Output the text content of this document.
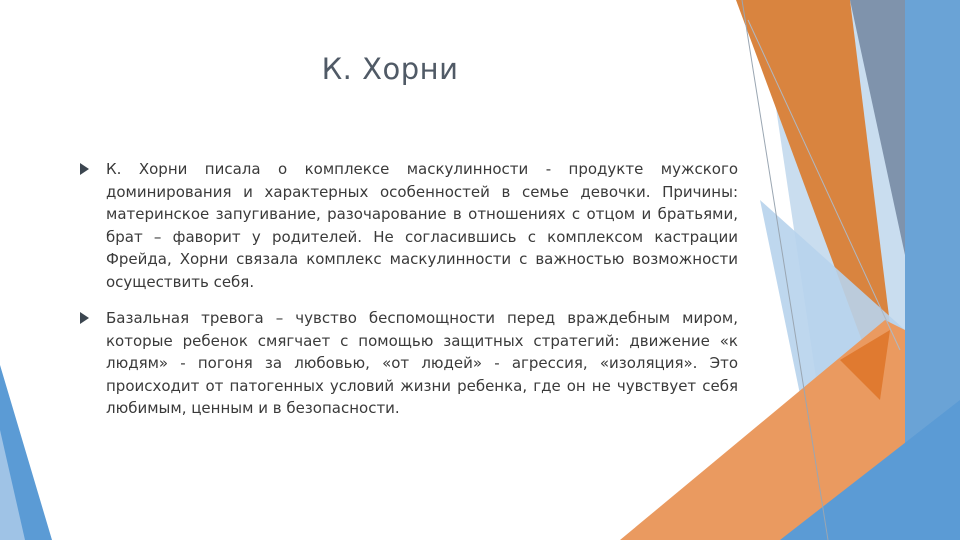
К. Хорни
К. Хорни писала о комплексе маскулинности - продукте мужского доминирования и характерных особенностей в семье девочки. Причины: материнское запугивание, разочарование в отношениях с отцом и братьями, брат – фаворит у родителей. Не согласившись с комплексом кастрации Фрейда, Хорни связала комплекс маскулинности с важностью возможности осуществить себя.
Базальная тревога – чувство беспомощности перед враждебным миром, которые ребенок смягчает с помощью защитных стратегий: движение «к людям» - погоня за любовью, «от людей» - агрессия, «изоляция». Это происходит от патогенных условий жизни ребенка, где он не чувствует себя любимым, ценным и в безопасности.
